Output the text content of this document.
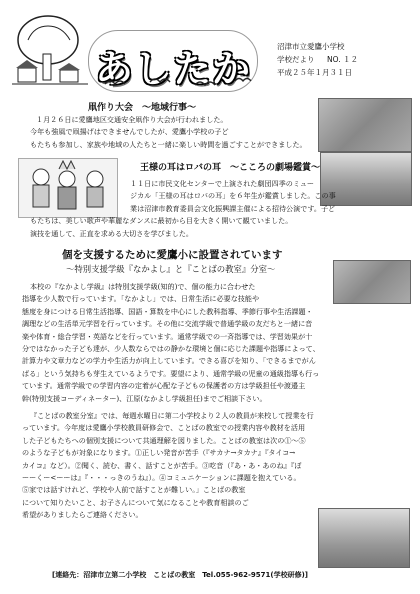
あしたか
沼津市立愛鷹小学校
学校だより NO. １２
平成２５年１月３１日
凧作り大会　～地域行事～
１月２６日に愛鷹地区交通安全凧作り大会が行われました。
今年も強風で凧揚げはできませんでしたが、愛鷹小学校の子ど
もたちも参加し、家族や地域の人たちと一緒に楽しい時間を過ごすことができました。
王様の耳はロバの耳　～こころの劇場鑑賞～
１１日に市民文化センターで上演された劇団四季のミュー
ジカル「王様の耳はロバの耳」を６年生が鑑賞しました。この事
業は沼津市教育委員会文化振興課主催による招待公演です。子ど
もたちは、美しい歌声や華麗なダンスに最初から目を大きく開いて観ていました。
演技を通して、正直を求める大切さを学びました。
個を支援するために愛鷹小に設置されています
～特別支援学級『なかよし』と『ことばの教室』分室～
本校の『なかよし学級』は特別支援学級(知的)で、個の能力に合わせた
指導を少人数で行っています。「なかよし」では、日常生活に必要な技能や
態度を身につける日常生活指導、国語・算数を中心にした教科指導、季節行事や生活課題・
調理などの生活単元学習を行っています。その他に交流学級で普通学級の友だちと一緒に音
楽や体育・総合学習・英語などを行っています。通常学級での一斉指導では、学習効果が十
分ではなかった子ども達が、少人数ならではの静かな環境と個に応じた課題や指導によって、
計算力や文章力などの学力や生活力が向上しています。できる喜びを知り、「できるまでがん
ばる」という気持ちも芽生えているようです。要望により、通常学級の児童の通級指導も行っ
ています。通常学級での学習内容の定着が心配な子どもの保護者の方は学級担任や渡邉主
幹(特別支援コーディネーター)、江原(なかよし学級担任)までご相談下さい。
『ことばの教室分室』では、毎週水曜日に第二小学校より２人の教員が来校して授業を行
っています。今年度は愛鷹小学校教員研修会で、ことばの教室での授業内容や教材を活用
した子どもたちへの個別支援について共通理解を図りました。ことばの教室は次の①～⑤
のような子どもが対象になります。①正しい発音が苦手（『サカナ→タカナ』『タイコ→
カイコ』など）。②聞く、読む、書く、話すことが苦手。③吃音（『あ・あ・あのね』『ぼ
ーーくー<ーーは』『・・・っきのうね』）。④コミュニケーションに課題を抱えている。
⑤家では話すけれど、学校や人前で話すことが難しい。」ことばの教室
について知りたいこと、お子さんについて気になることや教育相談のご
希望がありましたらご連絡ください。
[連絡先：沼津市立第二小学校　ことばの教室　Tel.055-962-9571(学校研修)]
